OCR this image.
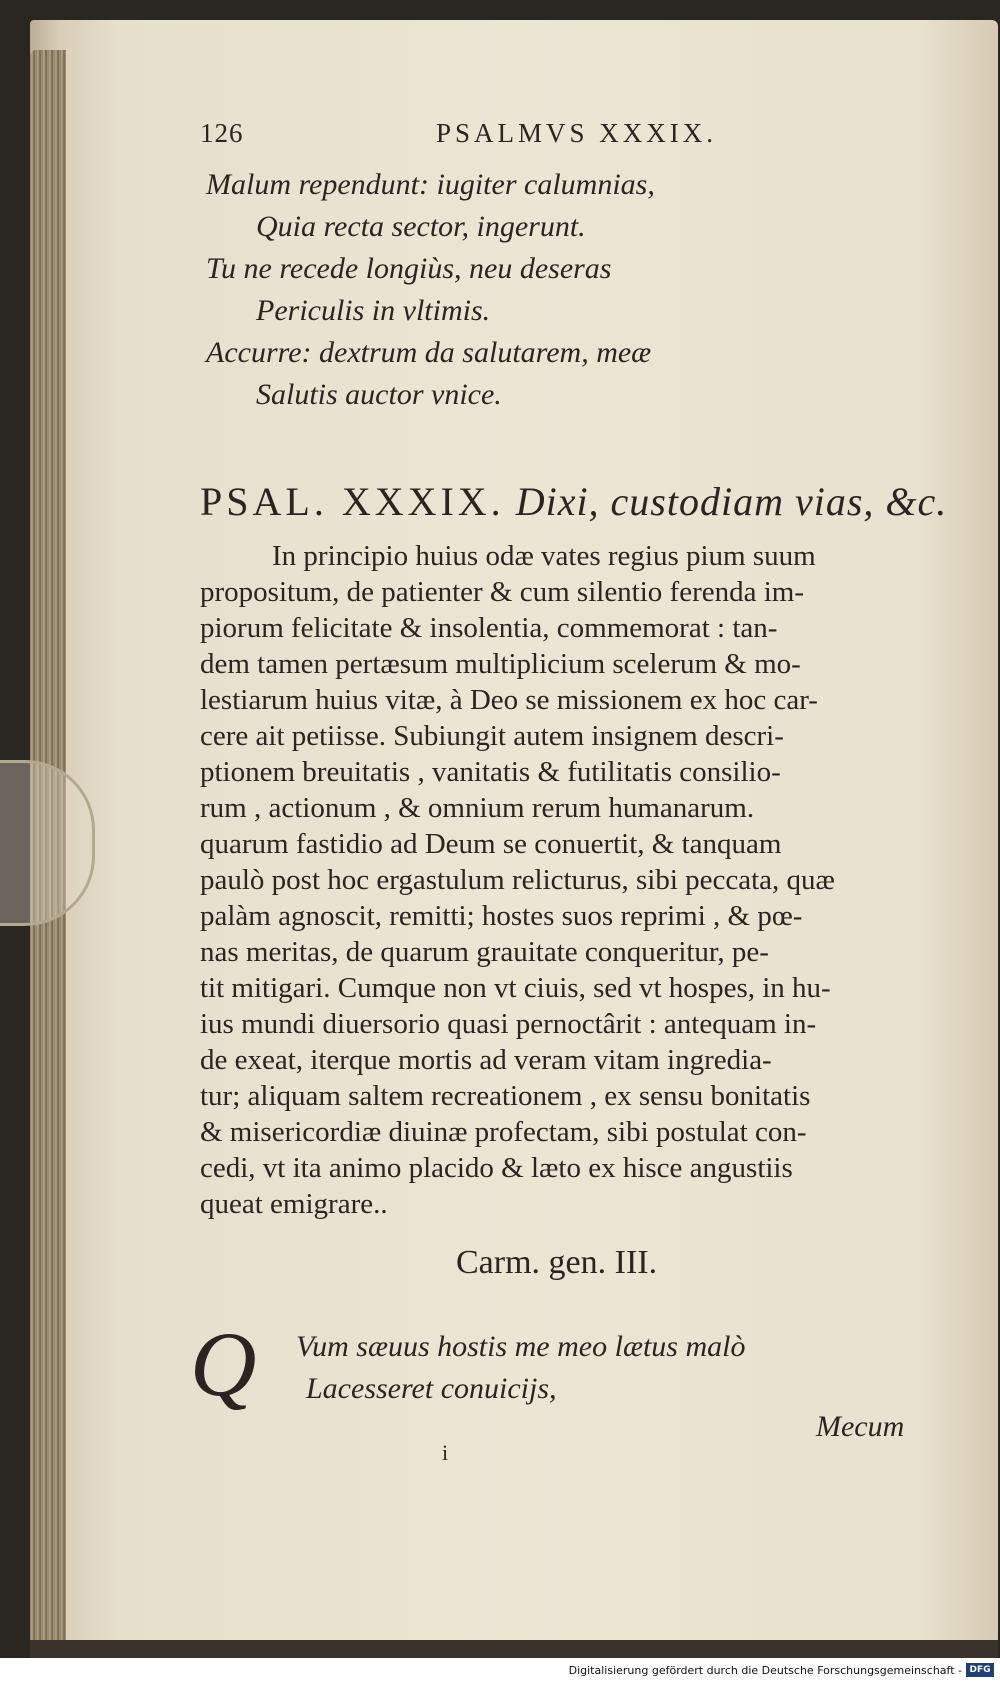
126	PSALMVS XXXIX.
Malum rependunt: iugiter calumnias,
Quia recta sector, ingerunt.
Tu ne recede longiùs, neu deseras
Periculis in vltimis.
Accurre: dextrum da salutarem, meæ
Salutis auctor vnice.
PSAL. XXXIX. Dixi, custodiam vias, &c.
In principio huius odæ vates regius pium suum
propositum, de patienter & cum silentio ferenda im-
piorum felicitate & insolentia, commemorat : tan-
dem tamen pertæsum multiplicium scelerum & mo-
lestiarum huius vitæ, à Deo se missionem ex hoc car-
cere ait petiisse. Subiungit autem insignem descri-
ptionem breuitatis , vanitatis & futilitatis consilio-
rum , actionum , & omnium rerum humanarum.
quarum fastidio ad Deum se conuertit, & tanquam
paulò post hoc ergastulum relicturus, sibi peccata, quæ
palàm agnoscit, remitti; hostes suos reprimi , & pœ-
nas meritas, de quarum grauitate conqueritur, pe-
tit mitigari. Cumque non vt ciuis, sed vt hospes, in hu-
ius mundi diuersorio quasi pernoctârit : antequam in-
de exeat, iterque mortis ad veram vitam ingredia-
tur; aliquam saltem recreationem , ex sensu bonitatis
& misericordiæ diuinæ profectam, sibi postulat con-
cedi, vt ita animo placido & læto ex hisce angustiis
queat emigrare..
Carm. gen. III.
Q Vum sæuus hostis me meo lætus malò
Lacesseret conuicijs,
Mecum
i
Digitalisierung gefördert durch die Deutsche Forschungsgemeinschaft - DFG
